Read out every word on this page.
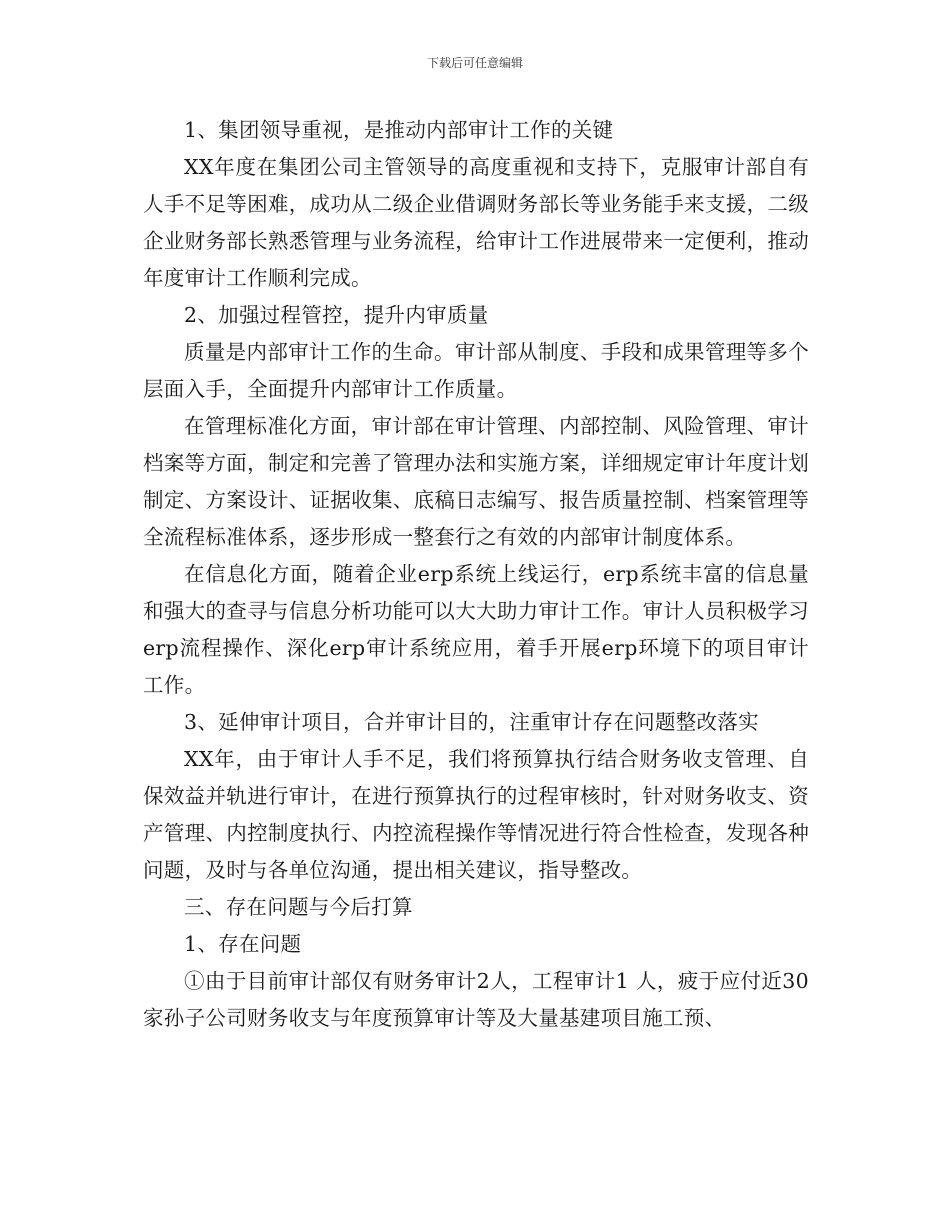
下载后可任意编辑

1、集团领导重视，是推动内部审计工作的关键

XX年度在集团公司主管领导的高度重视和支持下，克服审计部自有人手不足等困难，成功从二级企业借调财务部长等业务能手来支援，二级企业财务部长熟悉管理与业务流程，给审计工作进展带来一定便利，推动年度审计工作顺利完成。

2、加强过程管控，提升内审质量

质量是内部审计工作的生命。审计部从制度、手段和成果管理等多个层面入手，全面提升内部审计工作质量。

在管理标准化方面，审计部在审计管理、内部控制、风险管理、审计档案等方面，制定和完善了管理办法和实施方案，详细规定审计年度计划制定、方案设计、证据收集、底稿日志编写、报告质量控制、档案管理等全流程标准体系，逐步形成一整套行之有效的内部审计制度体系。

在信息化方面，随着企业erp系统上线运行，erp系统丰富的信息量和强大的查寻与信息分析功能可以大大助力审计工作。审计人员积极学习erp流程操作、深化erp审计系统应用，着手开展erp环境下的项目审计工作。

3、延伸审计项目，合并审计目的，注重审计存在问题整改落实

XX年，由于审计人手不足，我们将预算执行结合财务收支管理、自保效益并轨进行审计，在进行预算执行的过程审核时，针对财务收支、资产管理、内控制度执行、内控流程操作等情况进行符合性检查，发现各种问题，及时与各单位沟通，提出相关建议，指导整改。

三、存在问题与今后打算

1、存在问题

①由于目前审计部仅有财务审计2人，工程审计1 人，疲于应付近30家孙子公司财务收支与年度预算审计等及大量基建项目施工预、
